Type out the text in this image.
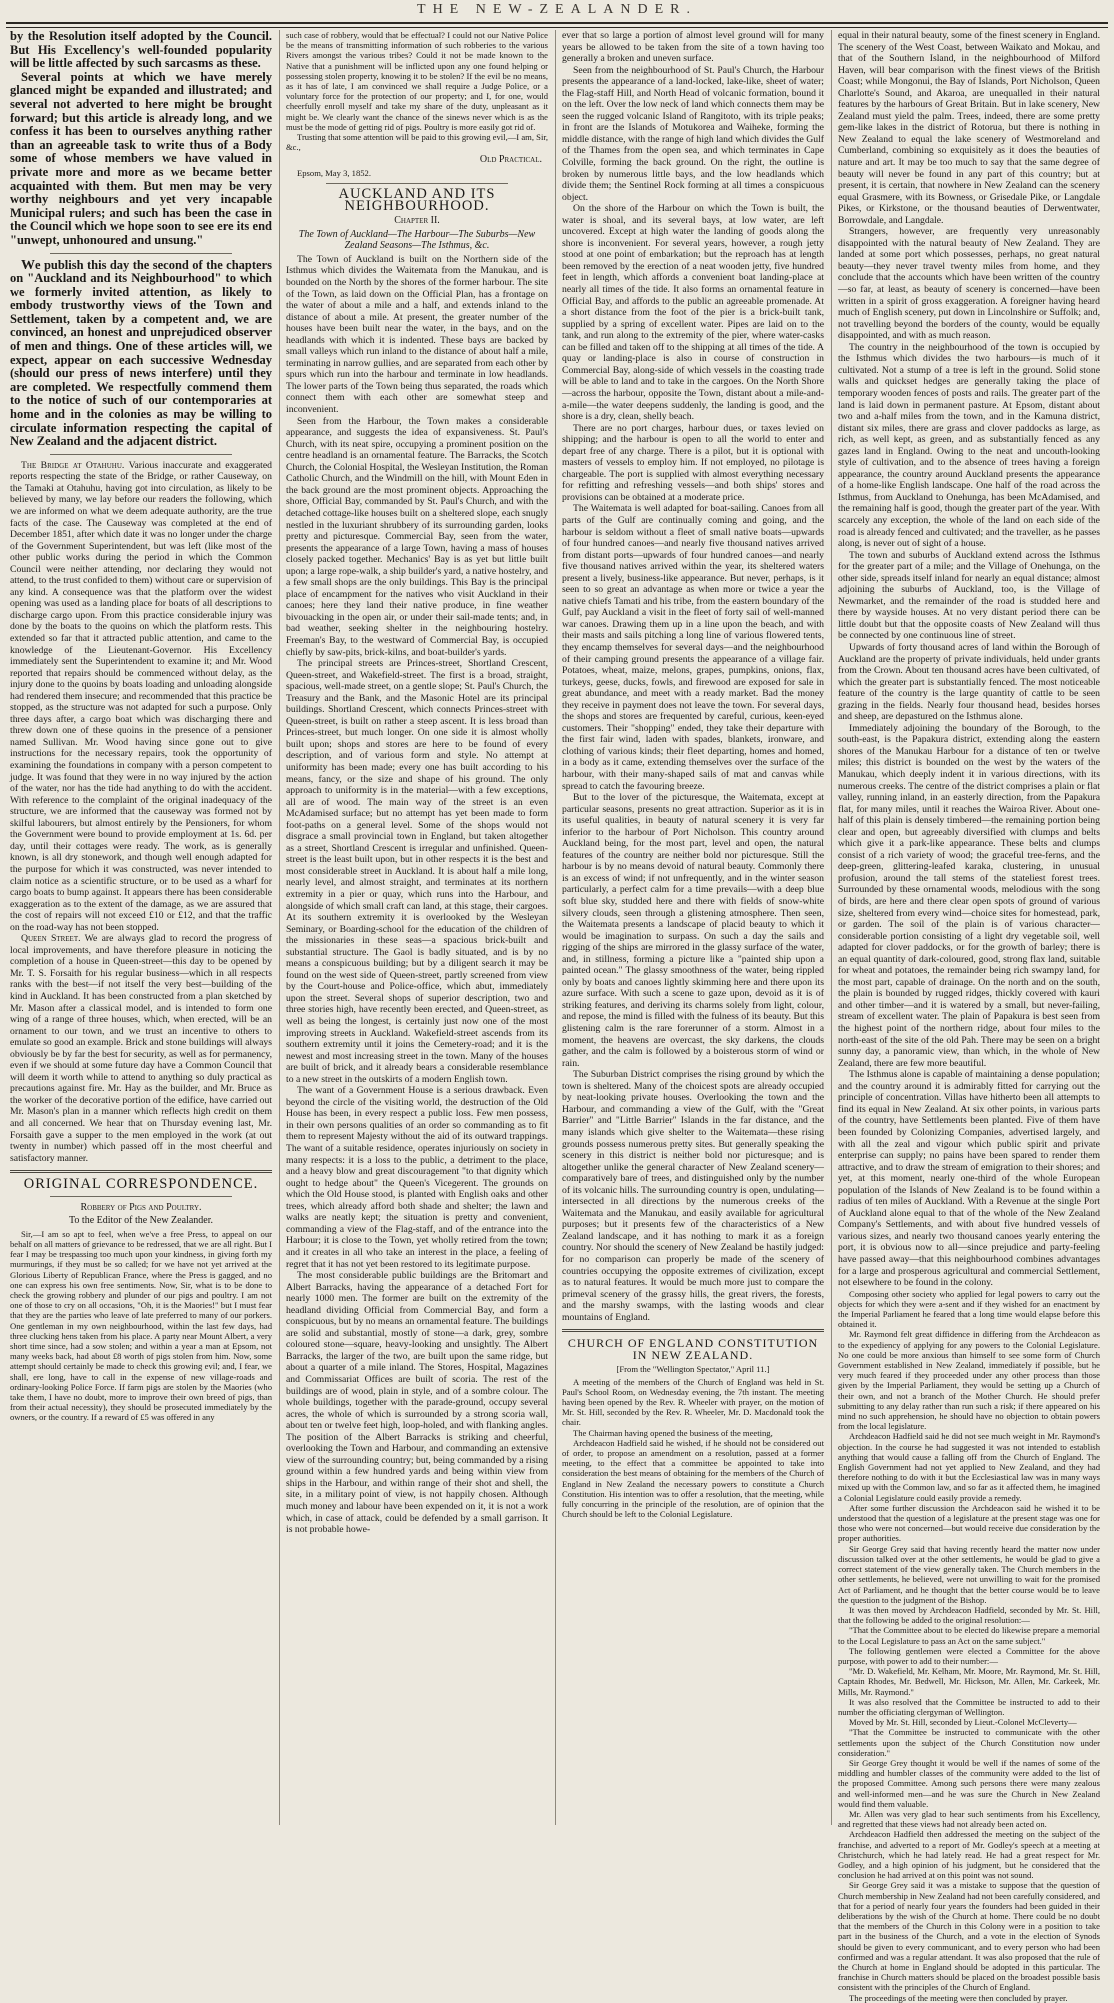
THE NEW-ZEALANDER.

by the Resolution itself adopted by the Council. But His Excellency's well-founded popularity will be little affected by such sarcasms as these.

Several points at which we have merely glanced might be expanded and illustrated; and several not adverted to here might be brought forward; but this article is already long, and we confess it has been to ourselves anything rather than an agreeable task to write thus of a Body some of whose members we have valued in private more and more as we became better acquainted with them. But men may be very worthy neighbours and yet very incapable Municipal rulers; and such has been the case in the Council which we hope soon to see ere its end "unwept, unhonoured and unsung."

We publish this day the second of the chapters on "Auckland and its Neighbourhood" to which we formerly invited attention, as likely to embody trustworthy views of the Town and Settlement, taken by a competent and, we are convinced, an honest and unprejudiced observer of men and things. One of these articles will, we expect, appear on each successive Wednesday (should our press of news interfere) until they are completed. We respectfully commend them to the notice of such of our contemporaries at home and in the colonies as may be willing to circulate information respecting the capital of New Zealand and the adjacent district.

The Bridge at Otahuhu. Various inaccurate and exaggerated reports respecting the state of the Bridge, or rather Causeway, on the Tamaki at Otahuhu, having got into circulation, as likely to be believed by many, we lay before our readers the following, which we are informed on what we deem adequate authority, are the true facts of the case. The Causeway was completed at the end of December 1851, after which date it was no longer under the charge of the Government Superintendent, but was left (like most of the other public works during the period in which the Common Council were neither attending, nor declaring they would not attend, to the trust confided to them) without care or supervision of any kind. A consequence was that the platform over the widest opening was used as a landing place for boats of all descriptions to discharge cargo upon. From this practice considerable injury was done by the boats to the quoins on which the platform rests. This extended so far that it attracted public attention, and came to the knowledge of the Lieutenant-Governor. His Excellency immediately sent the Superintendent to examine it; and Mr. Wood reported that repairs should be commenced without delay, as the injury done to the quoins by boats loading and unloading alongside had rendered them insecure; and recommended that this practice be stopped, as the structure was not adapted for such a purpose. Only three days after, a cargo boat which was discharging there and threw down one of these quoins in the presence of a pensioner named Sullivan. Mr. Wood having since gone out to give instructions for the necessary repairs, took the opportunity of examining the foundations in company with a person competent to judge. It was found that they were in no way injured by the action of the water, nor has the tide had anything to do with the accident. With reference to the complaint of the original inadequacy of the structure, we are informed that the causeway was formed not by skilful labourers, but almost entirely by the Pensioners, for whom the Government were bound to provide employment at 1s. 6d. per day, until their cottages were ready. The work, as is generally known, is all dry stonework, and though well enough adapted for the purpose for which it was constructed, was never intended to claim notice as a scientific structure, or to be used as a wharf for cargo boats to bump against. It appears there has been considerable exaggeration as to the extent of the damage, as we are assured that the cost of repairs will not exceed £10 or £12, and that the traffic on the road-way has not been stopped.

Queen Street. We are always glad to record the progress of local improvements, and have therefore pleasure in noticing the completion of a house in Queen-street—this day to be opened by Mr. T. S. Forsaith for his regular business—which in all respects ranks with the best—if not itself the very best—building of the kind in Auckland. It has been constructed from a plan sketched by Mr. Mason after a classical model, and is intended to form one wing of a range of three houses, which, when erected, will be an ornament to our town, and we trust an incentive to others to emulate so good an example. Brick and stone buildings will always obviously be by far the best for security, as well as for permanency, even if we should at some future day have a Common Council that will deem it worth while to attend to anything so duly practical as precautions against fire. Mr. Hay as the builder, and Mr. Bruce as the worker of the decorative portion of the edifice, have carried out Mr. Mason's plan in a manner which reflects high credit on them and all concerned. We hear that on Thursday evening last, Mr. Forsaith gave a supper to the men employed in the work (at out twenty in number) which passed off in the most cheerful and satisfactory manner.

ORIGINAL CORRESPONDENCE.
Robbery of Pigs and Poultry.
To the Editor of the New Zealander.

Sir,—I am so apt to feel, when we've a free Press, to appeal on our behalf on all matters of grievance to be redressed, that we are all right. But I fear I may be trespassing too much upon your kindness, in giving forth my murmurings, if they must be so called; for we have not yet arrived at the Glorious Liberty of Republican France, where the Press is gagged, and no one can express his own free sentiments. Now, Sir, what is to be done to check the growing robbery and plunder of our pigs and poultry. I am not one of those to cry on all occasions, "Oh, it is the Maories!" but I must fear that they are the parties who leave of late preferred to many of our porkers. One gentleman in my own neighbourhood, within the last few days, had three clucking hens taken from his place. A party near Mount Albert, a very short time since, had a sow stolen; and within a year a man at Epsom, not many weeks back, had about £8 worth of pigs stolen from him. Now, some attempt should certainly be made to check this growing evil; and, I fear, we shall, ere long, have to call in the expense of new village-roads and ordinary-looking Police Force. If farm pigs are stolen by the Maories (who take them, I have no doubt, more to improve their own breed of pigs, than from their actual necessity), they should be prosecuted immediately by the owners, or the country. If a reward of £5 was offered in any

such case of robbery, would that be effectual? I could not our Native Police be the means of transmitting information of such robberies to the various Rivers amongst the various tribes? Could it not be made known to the Native that a punishment will be inflicted upon any one found helping or possessing stolen property, knowing it to be stolen? If the evil be no means, as it has of late, I am convinced we shall require a Judge Police, or a voluntary force for the protection of our property; and I, for one, would cheerfully enroll myself and take my share of the duty, unpleasant as it might be. We clearly want the chance of the sinews never which is as the must be the mode of getting rid of pigs. Poultry is more easily got rid of.

Trusting that some attention will be paid to this growing evil,—I am, Sir, &c.,

Old Practical.

Epsom, May 3, 1852.

AUCKLAND AND ITS NEIGHBOURHOOD.
Chapter II.
The Town of Auckland—The Harbour—The Suburbs—New Zealand Seasons—The Isthmus, &c.

The Town of Auckland is built on the Northern side of the Isthmus which divides the Waitemata from the Manukau, and is bounded on the North by the shores of the former harbour. The site of the Town, as laid down on the Official Plan, has a frontage on the water of about a mile and a half, and extends inland to the distance of about a mile. At present, the greater number of the houses have been built near the water, in the bays, and on the headlands with which it is indented. These bays are backed by small valleys which run inland to the distance of about half a mile, terminating in narrow gullies, and are separated from each other by spurs which run into the harbour and terminate in low headlands. The lower parts of the Town being thus separated, the roads which connect them with each other are somewhat steep and inconvenient.

Seen from the Harbour, the Town makes a considerable appearance, and suggests the idea of expansiveness. St. Paul's Church, with its neat spire, occupying a prominent position on the centre headland is an ornamental feature. The Barracks, the Scotch Church, the Colonial Hospital, the Wesleyan Institution, the Roman Catholic Church, and the Windmill on the hill, with Mount Eden in the back ground are the most prominent objects. Approaching the shore, Official Bay, commanded by St. Paul's Church, and with the detached cottage-like houses built on a sheltered slope, each snugly nestled in the luxuriant shrubbery of its surrounding garden, looks pretty and picturesque. Commercial Bay, seen from the water, presents the appearance of a large Town, having a mass of houses closely packed together. Mechanics' Bay is as yet but little built upon; a large rope-walk, a ship builder's yard, a native hostelry, and a few small shops are the only buildings. This Bay is the principal place of encampment for the natives who visit Auckland in their canoes; here they land their native produce, in fine weather bivouacking in the open air, or under their sail-made tents; and, in bad weather, seeking shelter in the neighbouring hostelry. Freeman's Bay, to the westward of Commercial Bay, is occupied chiefly by saw-pits, brick-kilns, and boat-builder's yards.

The principal streets are Princes-street, Shortland Crescent, Queen-street, and Wakefield-street. The first is a broad, straight, spacious, well-made street, on a gentle slope; St. Paul's Church, the Treasury and the Bank, and the Masonic Hotel are its principal buildings. Shortland Crescent, which connects Princes-street with Queen-street, is built on rather a steep ascent. It is less broad than Princes-street, but much longer. On one side it is almost wholly built upon; shops and stores are here to be found of every description, and of various form and style. No attempt at uniformity has been made; every one has built according to his means, fancy, or the size and shape of his ground. The only approach to uniformity is in the material—with a few exceptions, all are of wood. The main way of the street is an even McAdamised surface; but no attempt has yet been made to form foot-paths on a general level. Some of the shops would not disgrace a small provincial town in England, but taken altogether as a street, Shortland Crescent is irregular and unfinished. Queen-street is the least built upon, but in other respects it is the best and most considerable street in Auckland. It is about half a mile long, nearly level, and almost straight, and terminates at its northern extremity in a pier or quay, which runs into the Harbour, and alongside of which small craft can land, at this stage, their cargoes. At its southern extremity it is overlooked by the Wesleyan Seminary, or Boarding-school for the education of the children of the missionaries in these seas—a spacious brick-built and substantial structure. The Gaol is badly situated, and is by no means a conspicuous building; but by a diligent search it may be found on the west side of Queen-street, partly screened from view by the Court-house and Police-office, which abut, immediately upon the street. Several shops of superior description, two and three stories high, have recently been erected, and Queen-street, as well as being the longest, is certainly just now one of the most improving streets in Auckland. Wakefield-street ascends from its southern extremity until it joins the Cemetery-road; and it is the newest and most increasing street in the town. Many of the houses are built of brick, and it already bears a considerable resemblance to a new street in the outskirts of a modern English town.

The want of a Government House is a serious drawback. Even beyond the circle of the visiting world, the destruction of the Old House has been, in every respect a public loss. Few men possess, in their own persons qualities of an order so commanding as to fit them to represent Majesty without the aid of its outward trappings. The want of a suitable residence, operates injuriously on society in many respects: it is a loss to the public, a detriment to the place, and a heavy blow and great discouragement "to that dignity which ought to hedge about" the Queen's Vicegerent. The grounds on which the Old House stood, is planted with English oaks and other trees, which already afford both shade and shelter; the lawn and walks are neatly kept; the situation is pretty and convenient, commanding a view of the Flag-staff, and of the entrance into the Harbour; it is close to the Town, yet wholly retired from the town; and it creates in all who take an interest in the place, a feeling of regret that it has not yet been restored to its legitimate purpose.

The most considerable public buildings are the Britomart and Albert Barracks, having the appearance of a detached Fort for nearly 1000 men. The former are built on the extremity of the headland dividing Official from Commercial Bay, and form a conspicuous, but by no means an ornamental feature. The buildings are solid and substantial, mostly of stone—a dark, grey, sombre coloured stone—square, heavy-looking and unsightly. The Albert Barracks, the larger of the two, are built upon the same ridge, but about a quarter of a mile inland. The Stores, Hospital, Magazines and Commissariat Offices are built of scoria. The rest of the buildings are of wood, plain in style, and of a sombre colour. The whole buildings, together with the parade-ground, occupy several acres, the whole of which is surrounded by a strong scoria wall, about ten or twelve feet high, loop-holed, and with flanking angles. The position of the Albert Barracks is striking and cheerful, overlooking the Town and Harbour, and commanding an extensive view of the surrounding country; but, being commanded by a rising ground within a few hundred yards and being within view from ships in the Harbour, and within range of their shot and shell, the site, in a military point of view, is not happily chosen. Although much money and labour have been expended on it, it is not a work which, in case of attack, could be defended by a small garrison. It is not probable howe-

ever that so large a portion of almost level ground will for many years be allowed to be taken from the site of a town having too generally a broken and uneven surface.

Seen from the neighbourhood of St. Paul's Church, the Harbour presents the appearance of a land-locked, lake-like, sheet of water; the Flag-staff Hill, and North Head of volcanic formation, bound it on the left. Over the low neck of land which connects them may be seen the rugged volcanic Island of Rangitoto, with its triple peaks; in front are the Islands of Motukorea and Waiheke, forming the middle distance, with the range of high land which divides the Gulf of the Thames from the open sea, and which terminates in Cape Colville, forming the back ground. On the right, the outline is broken by numerous little bays, and the low headlands which divide them; the Sentinel Rock forming at all times a conspicuous object.

On the shore of the Harbour on which the Town is built, the water is shoal, and its several bays, at low water, are left uncovered. Except at high water the landing of goods along the shore is inconvenient. For several years, however, a rough jetty stood at one point of embarkation; but the reproach has at length been removed by the erection of a neat wooden jetty, five hundred feet in length, which affords a convenient boat landing-place at nearly all times of the tide. It also forms an ornamental feature in Official Bay, and affords to the public an agreeable promenade. At a short distance from the foot of the pier is a brick-built tank, supplied by a spring of excellent water. Pipes are laid on to the tank, and run along to the extremity of the pier, where water-casks can be filled and taken off to the shipping at all times of the tide. A quay or landing-place is also in course of construction in Commercial Bay, along-side of which vessels in the coasting trade will be able to land and to take in the cargoes. On the North Shore —across the harbour, opposite the Town, distant about a mile-and-a-mile—the water deepens suddenly, the landing is good, and the shore is a dry, clean, shelly beach.

There are no port charges, harbour dues, or taxes levied on shipping; and the harbour is open to all the world to enter and depart free of any charge. There is a pilot, but it is optional with masters of vessels to employ him. If not employed, no pilotage is chargeable. The port is supplied with almost everything necessary for refitting and refreshing vessels—and both ships' stores and provisions can be obtained at a moderate price.

The Waitemata is well adapted for boat-sailing. Canoes from all parts of the Gulf are continually coming and going, and the harbour is seldom without a fleet of small native boats—upwards of four hundred canoes—and nearly five thousand natives arrived from distant ports—upwards of four hundred canoes—and nearly five thousand natives arrived within the year, its sheltered waters present a lively, business-like appearance. But never, perhaps, is it seen to so great an advantage as when more or twice a year the native chiefs Tamati and his tribe, from the eastern boundary of the Gulf, pay Auckland a visit in the fleet of forty sail of well-manned war canoes. Drawing them up in a line upon the beach, and with their masts and sails pitching a long line of various flowered tents, they encamp themselves for several days—and the neighbourhood of their camping ground presents the appearance of a village fair. Potatoes, wheat, maize, melons, grapes, pumpkins, onions, flax, turkeys, geese, ducks, fowls, and firewood are exposed for sale in great abundance, and meet with a ready market. Bad the money they receive in payment does not leave the town. For several days, the shops and stores are frequented by careful, curious, keen-eyed customers. Their "shopping" ended, they take their departure with the first fair wind, laden with spades, blankets, ironware, and clothing of various kinds; their fleet departing, homes and homed, in a body as it came, extending themselves over the surface of the harbour, with their many-shaped sails of mat and canvas while spread to catch the favouring breeze.

But to the lover of the picturesque, the Waitemata, except at particular seasons, presents no great attraction. Superior as it is in its useful qualities, in beauty of natural scenery it is very far inferior to the harbour of Port Nicholson. This country around Auckland being, for the most part, level and open, the natural features of the country are neither bold nor picturesque. Still the harbour is by no means devoid of natural beauty. Commonly there is an excess of wind; if not unfrequently, and in the winter season particularly, a perfect calm for a time prevails—with a deep blue soft blue sky, studded here and there with fields of snow-white silvery clouds, seen through a glistening atmosphere. Then seen, the Waitemata presents a landscape of placid beauty to which it would be imagination to surpass. On such a day the sails and rigging of the ships are mirrored in the glassy surface of the water, and, in stillness, forming a picture like a "painted ship upon a painted ocean." The glassy smoothness of the water, being rippled only by boats and canoes lightly skimming here and there upon its azure surface. With such a scene to gaze upon, devoid as it is of striking features, and deriving its charms solely from light, colour, and repose, the mind is filled with the fulness of its beauty. But this glistening calm is the rare forerunner of a storm. Almost in a moment, the heavens are overcast, the sky darkens, the clouds gather, and the calm is followed by a boisterous storm of wind or rain.

The Suburban District comprises the rising ground by which the town is sheltered. Many of the choicest spots are already occupied by neat-looking private houses. Overlooking the town and the Harbour, and commanding a view of the Gulf, with the "Great Barrier" and "Little Barrier" Islands in the far distance, and the many islands which give shelter to the Waitemata—these rising grounds possess numerous pretty sites. But generally speaking the scenery in this district is neither bold nor picturesque; and is altogether unlike the general character of New Zealand scenery—comparatively bare of trees, and distinguished only by the number of its volcanic hills. The surrounding country is open, undulating—intersected in all directions by the numerous creeks of the Waitemata and the Manukau, and easily available for agricultural purposes; but it presents few of the characteristics of a New Zealand landscape, and it has nothing to mark it as a foreign country. Nor should the scenery of New Zealand be hastily judged: for no comparison can properly be made of the scenery of countries occupying the opposite extremes of civilization, except as to natural features. It would be much more just to compare the primeval scenery of the grassy hills, the great rivers, the forests, and the marshy swamps, with the lasting woods and clear mountains of England.

CHURCH OF ENGLAND CONSTITUTION IN NEW ZEALAND.
[From the "Wellington Spectator," April 11.]

A meeting of the members of the Church of England was held in St. Paul's School Room, on Wednesday evening, the 7th instant. The meeting having been opened by the Rev. R. Wheeler with prayer, on the motion of Mr. St. Hill, seconded by the Rev. R. Wheeler, Mr. D. Macdonald took the chair.

The Chairman having opened the business of the meeting,

Archdeacon Hadfield said he wished, if he should not be considered out of order, to propose an amendment on a resolution, passed at a former meeting, to the effect that a committee be appointed to take into consideration the best means of obtaining for the members of the Church of England in New Zealand the necessary powers to constitute a Church Constitution. His intention was to offer a resolution, that the meeting, while fully concurring in the principle of the resolution, are of opinion that the Church should be left to the Colonial Legislature.

equal in their natural beauty, some of the finest scenery in England. The scenery of the West Coast, between Waikato and Mokau, and that of the Southern Island, in the neighbourhood of Milford Haven, will bear comparison with the finest views of the British Coast; while Mongonui, the Bay of Islands, Port Nicholson, Queen Charlotte's Sound, and Akaroa, are unequalled in their natural features by the harbours of Great Britain. But in lake scenery, New Zealand must yield the palm. Trees, indeed, there are some pretty gem-like lakes in the district of Rotorua, but there is nothing in New Zealand to equal the lake scenery of Westmoreland and Cumberland, combining so exquisitely as it does the beauties of nature and art. It may be too much to say that the same degree of beauty will never be found in any part of this country; but at present, it is certain, that nowhere in New Zealand can the scenery equal Grasmere, with its Bowness, or Grisedale Pike, or Langdale Pikes, or Kirkstone, or the thousand beauties of Derwentwater, Borrowdale, and Langdale.

Strangers, however, are frequently very unreasonably disappointed with the natural beauty of New Zealand. They are landed at some port which possesses, perhaps, no great natural beauty—they never travel twenty miles from home, and they conclude that the accounts which have been written of the country—so far, at least, as beauty of scenery is concerned—have been written in a spirit of gross exaggeration. A foreigner having heard much of English scenery, put down in Lincolnshire or Suffolk; and, not travelling beyond the borders of the county, would be equally disappointed, and with as much reason.

The country in the neighbourhood of the town is occupied by the Isthmus which divides the two harbours—is much of it cultivated. Not a stump of a tree is left in the ground. Solid stone walls and quickset hedges are generally taking the place of temporary wooden fences of posts and rails. The greater part of the land is laid down in permanent pasture. At Epsom, distant about two and a-half miles from the town, and in the Kamuna district, distant six miles, there are grass and clover paddocks as large, as rich, as well kept, as green, and as substantially fenced as any gazes land in England. Owing to the neat and uncouth-looking style of cultivation, and to the absence of trees having a foreign appearance, the country around Auckland presents the appearance of a home-like English landscape. One half of the road across the Isthmus, from Auckland to Onehunga, has been McAdamised, and the remaining half is good, though the greater part of the year. With scarcely any exception, the whole of the land on each side of the road is already fenced and cultivated; and the traveller, as he passes along, is never out of sight of a house.

The town and suburbs of Auckland extend across the Isthmus for the greater part of a mile; and the Village of Onehunga, on the other side, spreads itself inland for nearly an equal distance; almost adjoining the suburbs of Auckland, too, is the Village of Newmarket, and the remainder of the road is studded here and there by wayside houses. At no very distant period there can be little doubt but that the opposite coasts of New Zealand will thus be connected by one continuous line of street.

Upwards of forty thousand acres of land within the Borough of Auckland are the property of private individuals, held under grants from the Crown. About ten thousand acres have been cultivated, of which the greater part is substantially fenced. The most noticeable feature of the country is the large quantity of cattle to be seen grazing in the fields. Nearly four thousand head, besides horses and sheep, are depastured on the Isthmus alone.

Immediately adjoining the boundary of the Borough, to the south-east, is the Papakura district, extending along the eastern shores of the Manukau Harbour for a distance of ten or twelve miles; this district is bounded on the west by the waters of the Manukau, which deeply indent it in various directions, with its numerous creeks. The centre of the district comprises a plain or flat valley, running inland, in an easterly direction, from the Papakura flat, for many miles, until it reaches the Wairoa River. About one-half of this plain is densely timbered—the remaining portion being clear and open, but agreeably diversified with clumps and belts which give it a park-like appearance. These belts and clumps consist of a rich variety of wood; the graceful tree-ferns, and the deep-green, glittering-leafed karaka, clustering, in unusual profusion, around the tall stems of the stateliest forest trees. Surrounded by these ornamental woods, melodious with the song of birds, are here and there clear open spots of ground of various size, sheltered from every wind—choice sites for homestead, park, or garden. The soil of the plain is of various character—considerable portion consisting of a light dry vegetable soil, well adapted for clover paddocks, or for the growth of barley; there is an equal quantity of dark-coloured, good, strong flax land, suitable for wheat and potatoes, the remainder being rich swampy land, for the most part, capable of drainage. On the north and on the south, the plain is bounded by rugged ridges, thickly covered with kauri and other timber—and it is watered by a small, but never-failing, stream of excellent water. The plain of Papakura is best seen from the highest point of the northern ridge, about four miles to the north-east of the site of the old Pah. There may be seen on a bright sunny day, a panoramic view, than which, in the whole of New Zealand, there are few more beautiful.

The Isthmus alone is capable of maintaining a dense population; and the country around it is admirably fitted for carrying out the principle of concentration. Villas have hitherto been all attempts to find its equal in New Zealand. At six other points, in various parts of the country, have Settlements been planted. Five of them have been founded by Colonizing Companies, advertised largely, and with all the zeal and vigour which public spirit and private enterprise can supply; no pains have been spared to render them attractive, and to draw the stream of emigration to their shores; and yet, at this moment, nearly one-third of the whole European population of the Islands of New Zealand is to be found within a radius of ten miles of Auckland. With a Revenue at the single Port of Auckland alone equal to that of the whole of the New Zealand Company's Settlements, and with about five hundred vessels of various sizes, and nearly two thousand canoes yearly entering the port, it is obvious now to all—since prejudice and party-feeling have passed away—that this neighbourhood combines advantages for a large and prosperous agricultural and commercial Settlement, not elsewhere to be found in the colony.

Composing other society who applied for legal powers to carry out the objects for which they were a-sent and if they wished for an enactment by the Imperial Parliament he feared that a long time would elapse before this obtained it.

Mr. Raymond felt great diffidence in differing from the Archdeacon as to the expediency of applying for any powers to the Colonial Legislature. No one could be more anxious than himself to see some form of Church Government established in New Zealand, immediately if possible, but he very much feared if they proceeded under any other process than those given by the Imperial Parliament, they would be setting up a Church of their own, and not a branch of the Mother Church. He should prefer submitting to any delay rather than run such a risk; if there appeared on his mind no such apprehension, he should have no objection to obtain powers from the local legislature.

Archdeacon Hadfield said he did not see much weight in Mr. Raymond's objection. In the course he had suggested it was not intended to establish anything that would cause a falling off from the Church of England. The English Government had not yet applied to New Zealand, and they had therefore nothing to do with it but the Ecclesiastical law was in many ways mixed up with the Common law, and so far as it affected them, he imagined a Colonial Legislature could easily provide a remedy.

After some further discussion the Archdeacon said he wished it to be understood that the question of a legislature at the present stage was one for those who were not concerned—but would receive due consideration by the proper authorities.

Sir George Grey said that having recently heard the matter now under discussion talked over at the other settlements, he would be glad to give a correct statement of the view generally taken. The Church members in the other settlements, he believed, were not unwilling to wait for the promised Act of Parliament, and he thought that the better course would be to leave the question to the judgment of the Bishop.

It was then moved by Archdeacon Hadfield, seconded by Mr. St. Hill, that the following be added to the original resolution:—

"That the Committee about to be elected do likewise prepare a memorial to the Local Legislature to pass an Act on the same subject."

The following gentlemen were elected a Committee for the above purpose, with power to add to their number:—

"Mr. D. Wakefield, Mr. Kelham, Mr. Moore, Mr. Raymond, Mr. St. Hill, Captain Rhodes, Mr. Bedwell, Mr. Hickson, Mr. Allen, Mr. Carkeek, Mr. Mills, Mr. Raymond."

It was also resolved that the Committee be instructed to add to their number the officiating clergyman of Wellington.

Moved by Mr. St. Hill, seconded by Lieut.-Colonel McCleverty—

"That the Committee be instructed to communicate with the other settlements upon the subject of the Church Constitution now under consideration."

Sir George Grey thought it would be well if the names of some of the middling and humbler classes of the community were added to the list of the proposed Committee. Among such persons there were many zealous and well-informed men—and he was sure the Church in New Zealand would find them valuable.

Mr. Allen was very glad to hear such sentiments from his Excellency, and regretted that these views had not already been acted on.

Archdeacon Hadfield then addressed the meeting on the subject of the franchise, and adverted to a report of Mr. Godley's speech at a meeting at Christchurch, which he had lately read. He had a great respect for Mr. Godley, and a high opinion of his judgment, but he considered that the conclusion he had arrived at on this point was not sound.

Sir George Grey said it was a mistake to suppose that the question of Church membership in New Zealand had not been carefully considered, and that for a period of nearly four years the founders had been guided in their deliberations by the wish of the Church at home. There could be no doubt that the members of the Church in this Colony were in a position to take part in the business of the Church, and a vote in the election of Synods should be given to every communicant, and to every person who had been confirmed and was a regular attendant. It was also proposed that the rule of the Church at home in England should be adopted in this particular. The franchise in Church matters should be placed on the broadest possible basis consistent with the principles of the Church of England.

The proceedings of the meeting were then concluded by prayer.
